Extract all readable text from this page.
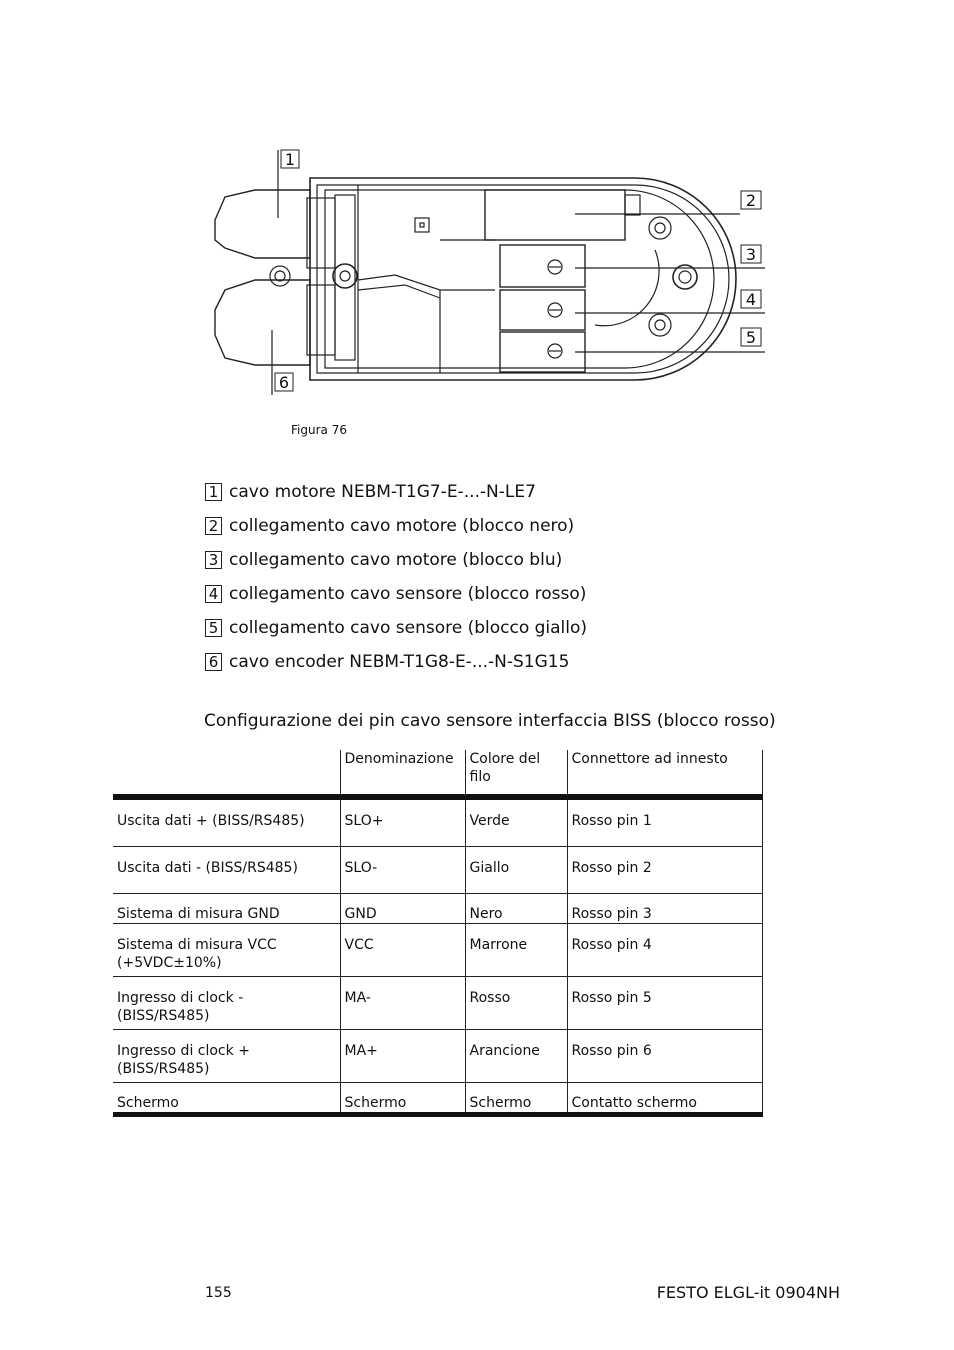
1
2
3
4
5
6
Figura 76
1 cavo motore NEBM-T1G7-E-...-N-LE7
2 collegamento cavo motore (blocco nero)
3 collegamento cavo motore (blocco blu)
4 collegamento cavo sensore (blocco rosso)
5 collegamento cavo sensore (blocco giallo)
6 cavo encoder NEBM-T1G8-E-...-N-S1G15
Configurazione dei pin cavo sensore interfaccia BISS (blocco rosso)
	Denominazione	Colore del filo	Connettore ad innesto
Uscita dati + (BISS/RS485)	SLO+	Verde	Rosso pin 1
Uscita dati - (BISS/RS485)	SLO-	Giallo	Rosso pin 2
Sistema di misura GND	GND	Nero	Rosso pin 3
Sistema di misura VCC (+5VDC±10%)	VCC	Marrone	Rosso pin 4
Ingresso di clock - (BISS/RS485)	MA-	Rosso	Rosso pin 5
Ingresso di clock + (BISS/RS485)	MA+	Arancione	Rosso pin 6
Schermo	Schermo	Schermo	Contatto schermo
155	FESTO ELGL-it 0904NH
